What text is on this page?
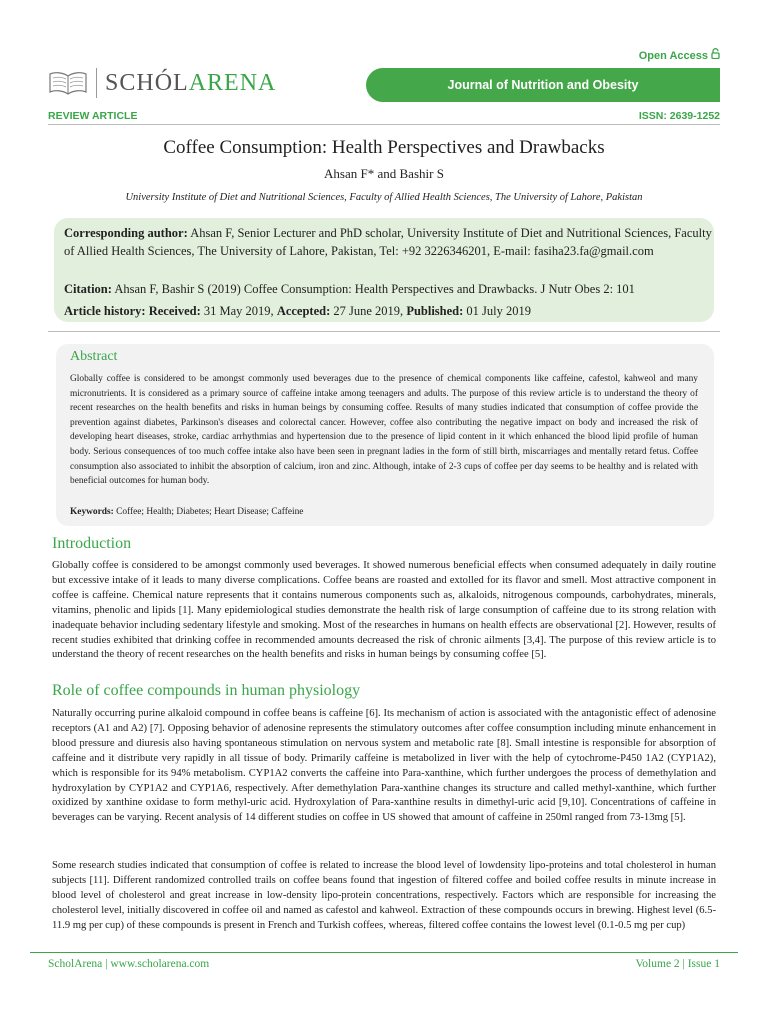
Open Access
SCHÓLARENA	Journal of Nutrition and Obesity
REVIEW ARTICLE	ISSN: 2639-1252
Coffee Consumption: Health Perspectives and Drawbacks
Ahsan F* and Bashir S
University Institute of Diet and Nutritional Sciences, Faculty of Allied Health Sciences, The University of Lahore, Pakistan
Corresponding author: Ahsan F, Senior Lecturer and PhD scholar, University Institute of Diet and Nutritional Sciences, Faculty of Allied Health Sciences, The University of Lahore, Pakistan, Tel: +92 3226346201, E-mail: fasiha23.fa@gmail.com
Citation: Ahsan F, Bashir S (2019) Coffee Consumption: Health Perspectives and Drawbacks. J Nutr Obes 2: 101
Article history: Received: 31 May 2019, Accepted: 27 June 2019, Published: 01 July 2019
Abstract
Globally coffee is considered to be amongst commonly used beverages due to the presence of chemical components like caffeine, cafestol, kahweol and many micronutrients. It is considered as a primary source of caffeine intake among teenagers and adults. The purpose of this review article is to understand the theory of recent researches on the health benefits and risks in human beings by consuming coffee. Results of many studies indicated that consumption of coffee provide the prevention against diabetes, Parkinson's diseases and colorectal cancer. However, coffee also contributing the negative impact on body and increased the risk of developing heart diseases, stroke, cardiac arrhythmias and hypertension due to the presence of lipid content in it which enhanced the blood lipid profile of human body. Serious consequences of too much coffee intake also have been seen in pregnant ladies in the form of still birth, miscarriages and mentally retard fetus. Coffee consumption also associated to inhibit the absorption of calcium, iron and zinc. Although, intake of 2-3 cups of coffee per day seems to be healthy and is related with beneficial outcomes for human body.
Keywords: Coffee; Health; Diabetes; Heart Disease; Caffeine
Introduction
Globally coffee is considered to be amongst commonly used beverages. It showed numerous beneficial effects when consumed adequately in daily routine but excessive intake of it leads to many diverse complications. Coffee beans are roasted and extolled for its flavor and smell. Most attractive component in coffee is caffeine. Chemical nature represents that it contains numerous components such as, alkaloids, nitrogenous compounds, carbohydrates, minerals, vitamins, phenolic and lipids [1]. Many epidemiological studies demonstrate the health risk of large consumption of caffeine due to its strong relation with inadequate behavior including sedentary lifestyle and smoking. Most of the researches in humans on health effects are observational [2]. However, results of recent studies exhibited that drinking coffee in recommended amounts decreased the risk of chronic ailments [3,4]. The purpose of this review article is to understand the theory of recent researches on the health benefits and risks in human beings by consuming coffee [5].
Role of coffee compounds in human physiology
Naturally occurring purine alkaloid compound in coffee beans is caffeine [6]. Its mechanism of action is associated with the antagonistic effect of adenosine receptors (A1 and A2) [7]. Opposing behavior of adenosine represents the stimulatory outcomes after coffee consumption including minute enhancement in blood pressure and diuresis also having spontaneous stimulation on nervous system and metabolic rate [8]. Small intestine is responsible for absorption of caffeine and it distribute very rapidly in all tissue of body. Primarily caffeine is metabolized in liver with the help of cytochrome-P450 1A2 (CYP1A2), which is responsible for its 94% metabolism. CYP1A2 converts the caffeine into Para-xanthine, which further undergoes the process of demethylation and hydroxylation by CYP1A2 and CYP1A6, respectively. After demethylation Para-xanthine changes its structure and called methyl-xanthine, which further oxidized by xanthine oxidase to form methyl-uric acid. Hydroxylation of Para-xanthine results in dimethyl-uric acid [9,10]. Concentrations of caffeine in beverages can be varying. Recent analysis of 14 different studies on coffee in US showed that amount of caffeine in 250ml ranged from 73-13mg [5].
Some research studies indicated that consumption of coffee is related to increase the blood level of lowdensity lipo-proteins and total cholesterol in human subjects [11]. Different randomized controlled trails on coffee beans found that ingestion of filtered coffee and boiled coffee results in minute increase in blood level of cholesterol and great increase in low-density lipo-protein concentrations, respectively. Factors which are responsible for increasing the cholesterol level, initially discovered in coffee oil and named as cafestol and kahweol. Extraction of these compounds occurs in brewing. Highest level (6.5-11.9 mg per cup) of these compounds is present in French and Turkish coffees, whereas, filtered coffee contains the lowest level (0.1-0.5 mg per cup)
ScholArena | www.scholarena.com	Volume 2 | Issue 1
